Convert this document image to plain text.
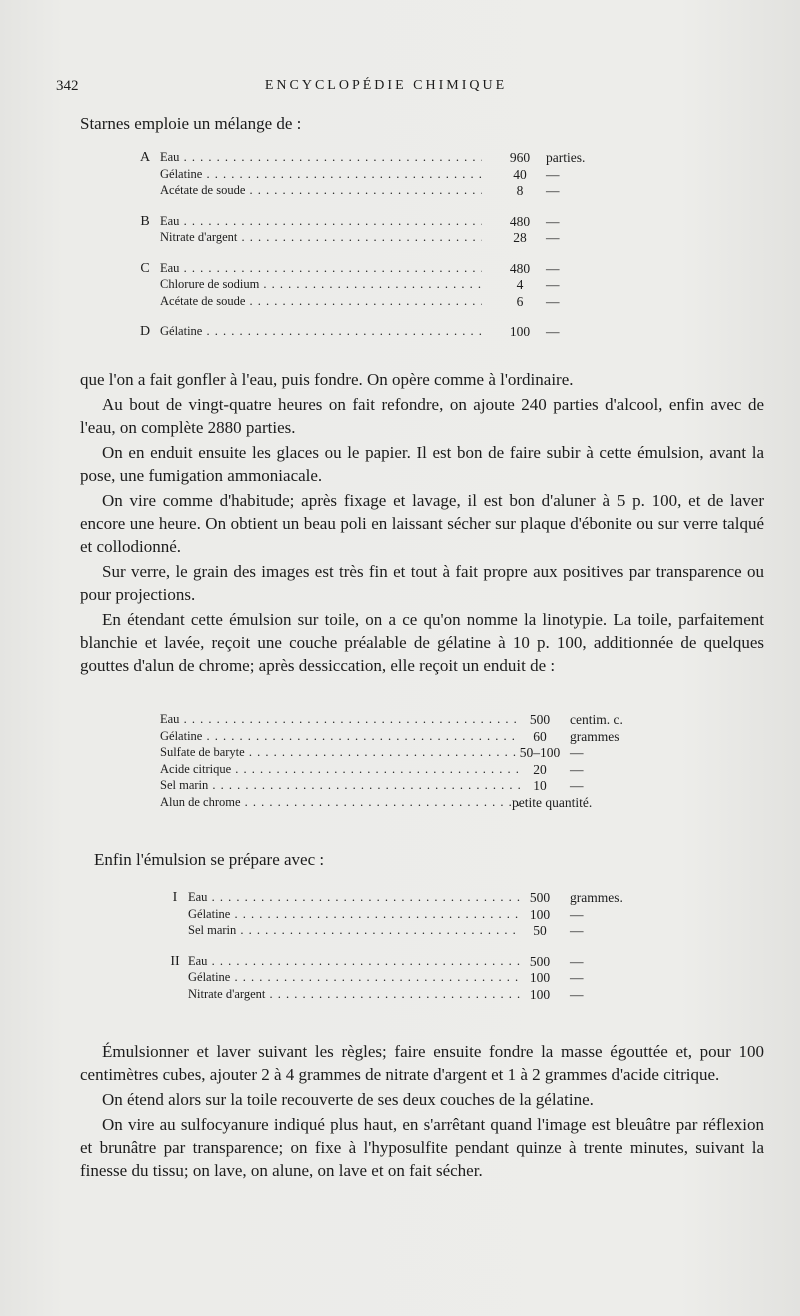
342	ENCYCLOPÉDIE CHIMIQUE

Starnes emploie un mélange de :

A Eau . . .	960	parties.
Gélatine . . .	40	—
Acétate de soude . . .	8	—
B Eau . . .	480	—
Nitrate d'argent . . .	28	—
C Eau . . .	480	—
Chlorure de sodium . . .	4	—
Acétate de soude . . .	6	—
D Gélatine . . .	100	—

que l'on a fait gonfler à l'eau, puis fondre. On opère comme à l'ordinaire.

Au bout de vingt-quatre heures on fait refondre, on ajoute 240 parties d'alcool, enfin avec de l'eau, on complète 2880 parties.

On en enduit ensuite les glaces ou le papier. Il est bon de faire subir à cette émulsion, avant la pose, une fumigation ammoniacale.

On vire comme d'habitude; après fixage et lavage, il est bon d'aluner à 5 p. 100, et de laver encore une heure. On obtient un beau poli en laissant sécher sur plaque d'ébonite ou sur verre talqué et collodionné.

Sur verre, le grain des images est très fin et tout à fait propre aux positives par transparence ou pour projections.

En étendant cette émulsion sur toile, on a ce qu'on nomme la linotypie. La toile, parfaitement blanchie et lavée, reçoit une couche préalable de gélatine à 10 p. 100, additionnée de quelques gouttes d'alun de chrome; après dessiccation, elle reçoit un enduit de :

Eau . . .	500	centim. c.
Gélatine . . .	60	grammes
Sulfate de baryte . . .	50–100 —
Acide citrique . . .	20	—
Sel marin . . .	10	—
Alun de chrome . . .	petite quantité.

Enfin l'émulsion se prépare avec :

I Eau . . .	500	grammes.
Gélatine . . .	100	—
Sel marin . . .	50	—
II Eau . . .	500	—
Gélatine . . .	100	—
Nitrate d'argent . . .	100	—

Émulsionner et laver suivant les règles; faire ensuite fondre la masse égouttée et, pour 100 centimètres cubes, ajouter 2 à 4 grammes de nitrate d'argent et 1 à 2 grammes d'acide citrique.

On étend alors sur la toile recouverte de ses deux couches de la gélatine.

On vire au sulfocyanure indiqué plus haut, en s'arrêtant quand l'image est bleuâtre par réflexion et brunâtre par transparence; on fixe à l'hyposulfite pendant quinze à trente minutes, suivant la finesse du tissu; on lave, on alune, on lave et on fait sécher.
